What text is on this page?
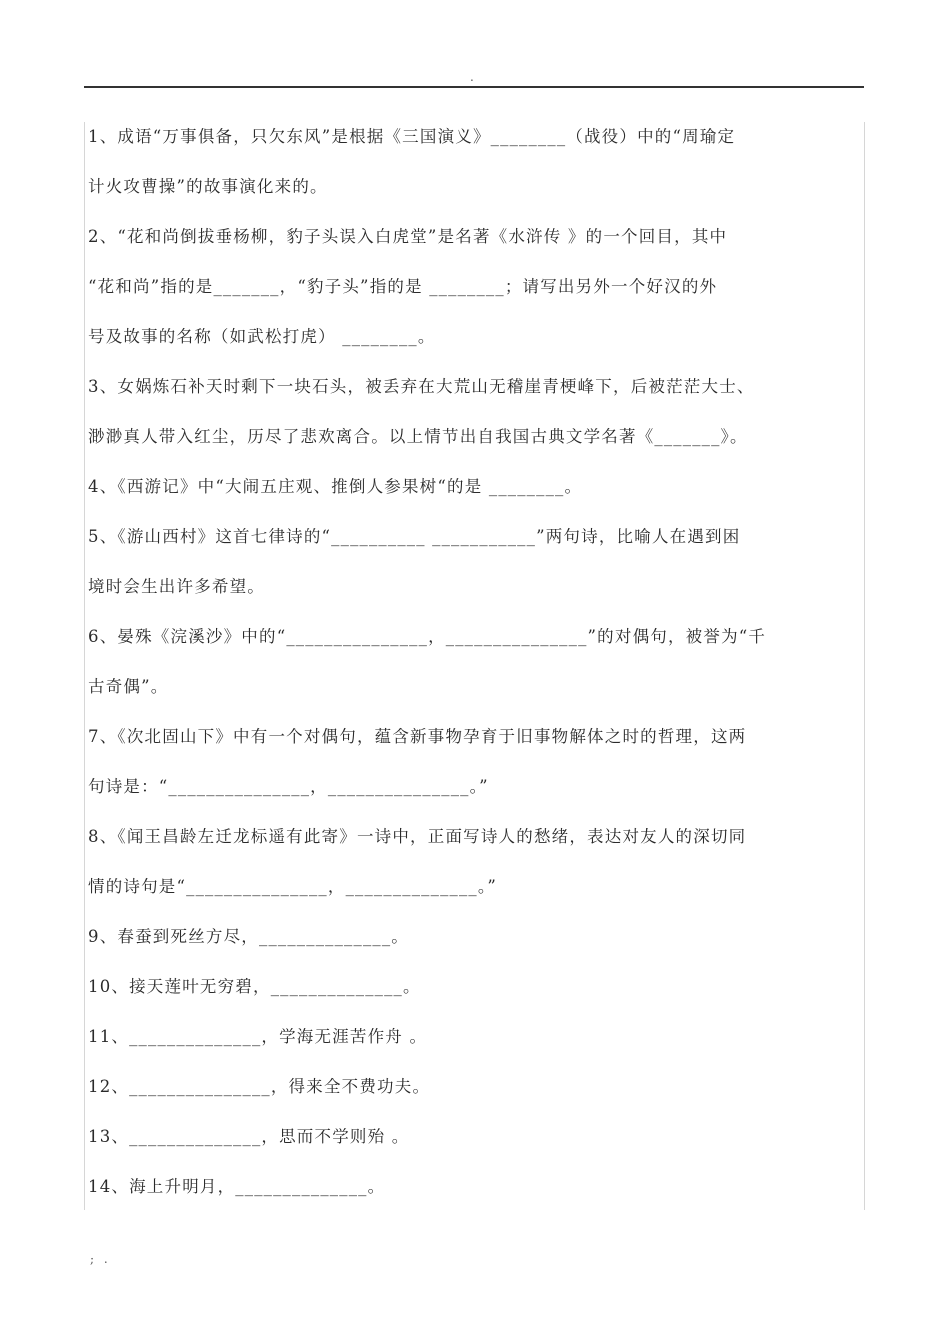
.
1、成语“万事俱备，只欠东风”是根据《三国演义》________（战役）中的“周瑜定
计火攻曹操”的故事演化来的。
2、“花和尚倒拔垂杨柳，豹子头误入白虎堂”是名著《水浒传 》的一个回目，其中
“花和尚”指的是_______，“豹子头”指的是 ________；请写出另外一个好汉的外
号及故事的名称（如武松打虎） ________。
3、女娲炼石补天时剩下一块石头，被丢弃在大荒山无稽崖青梗峰下，后被茫茫大士、
渺渺真人带入红尘，历尽了悲欢离合。以上情节出自我国古典文学名著《_______》。
4、《西游记》中“大闹五庄观、推倒人参果树“的是 ________。
5、《游山西村》这首七律诗的“__________ ___________”两句诗，比喻人在遇到困
境时会生出许多希望。
6、晏殊《浣溪沙》中的“_______________，_______________”的对偶句，被誉为“千
古奇偶”。
7、《次北固山下》中有一个对偶句，蕴含新事物孕育于旧事物解体之时的哲理，这两
句诗是：“_______________，_______________。”
8、《闻王昌龄左迁龙标遥有此寄》一诗中，正面写诗人的愁绪，表达对友人的深切同
情的诗句是“_______________，______________。”
9、春蚕到死丝方尽，______________。
10、接天莲叶无穷碧，______________。
11、______________，学海无涯苦作舟 。
12、_______________，得来全不费功夫。
13、______________，思而不学则殆 。
14、海上升明月，______________。
; .
